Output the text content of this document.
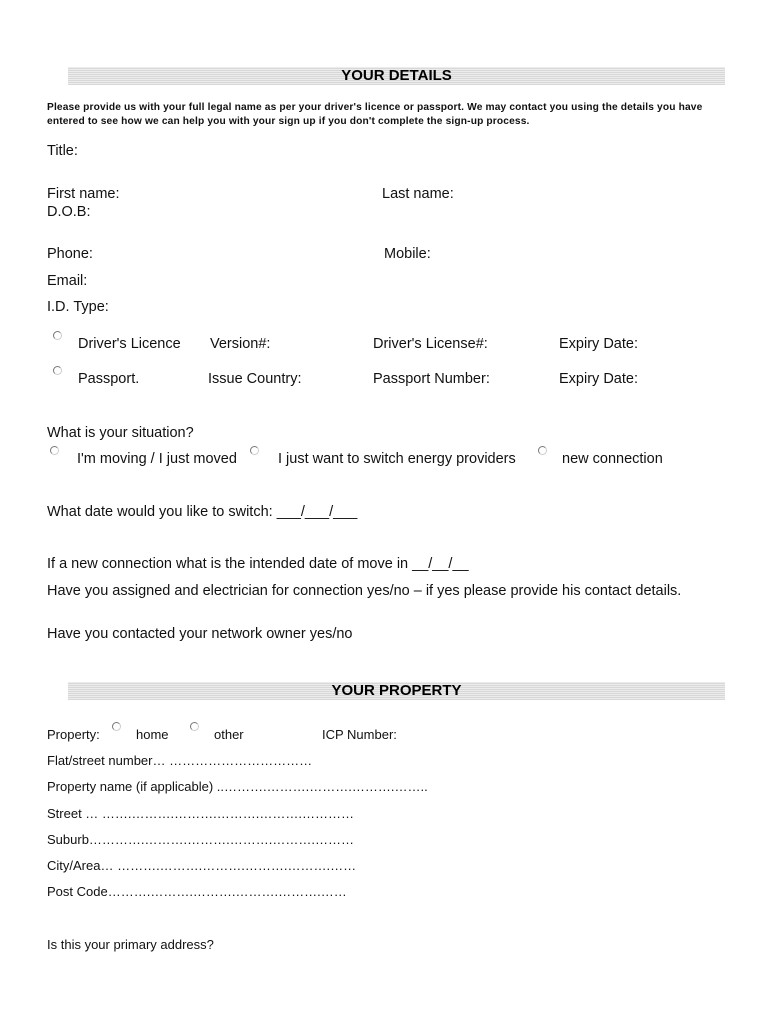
YOUR DETAILS
Please provide us with your full legal name as per your driver's licence or passport. We may contact you using the details you have entered to see how we can help you with your sign up if you don't complete the sign-up process.
Title:
First name:	Last name:
D.O.B:
Phone:	Mobile:
Email:
I.D. Type:
Driver's Licence Version#:	Driver's License#:	Expiry Date:
Passport.	Issue Country:	Passport Number:	Expiry Date:
What is your situation?
I'm moving / I just moved	I just want to switch energy providers	new connection
What date would you like to switch: ___/___/___
If a new connection what is the intended date of move in __/__/__
Have you assigned and electrician for connection yes/no – if yes please provide his contact details.
Have you contacted your network owner yes/no
YOUR PROPERTY
Property:	home	other	ICP Number:
Flat/street number… ……………………………
Property name (if applicable) ..……….……….……….……….……..
Street … …….……….……….……….……….…………
Suburb………….……….……….……….……….………
City/Area… ……….……….……….……….……….……
Post Code……….……….……….……….……….……
Is this your primary address?
